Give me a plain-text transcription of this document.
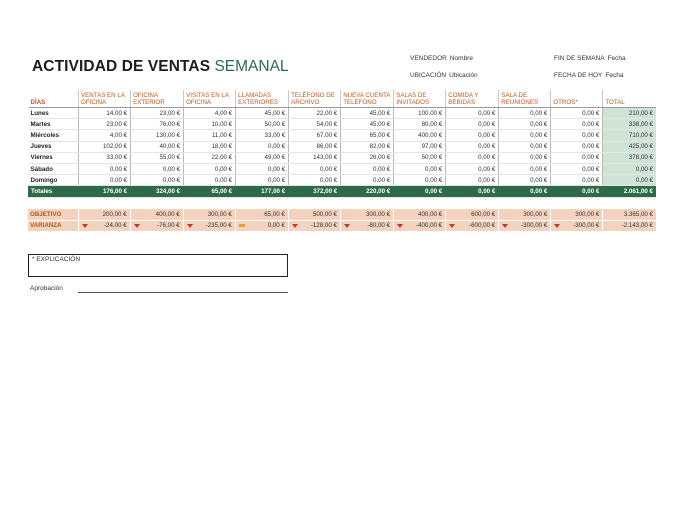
ACTIVIDAD DE VENTAS SEMANAL	VENDEDOR Nombre
UBICACIÓN Ubicación
FIN DE SEMANA Fecha
FECHA DE HOY Fecha
DÍAS	VENTAS EN LA OFICINA	OFICINA EXTERIOR	VISITAS EN LA OFICINA	LLAMADAS EXTERIORES	TELÉFONO DE ARCHIVO	NUEVA CUENTA TELÉFONO	SALAS DE INVITADOS	COMIDA Y BEBIDAS	SALA DE REUNIONES	OTROS*	TOTAL
Lunes	14,00 €	23,00 €	4,00 €	45,00 €	22,00 €	45,00 €	100,00 €	0,00 €	0,00 €	0,00 €	210,00 €
Martes	23,00 €	76,00 €	10,00 €	50,00 €	54,00 €	45,00 €	80,00 €	0,00 €	0,00 €	0,00 €	338,00 €
Miércoles	4,00 €	130,00 €	11,00 €	33,00 €	67,00 €	65,00 €	400,00 €	0,00 €	0,00 €	0,00 €	710,00 €
Jueves	102,00 €	40,00 €	18,00 €	0,00 €	86,00 €	82,00 €	97,00 €	0,00 €	0,00 €	0,00 €	425,00 €
Viernes	33,00 €	55,00 €	22,00 €	49,00 €	143,00 €	26,00 €	50,00 €	0,00 €	0,00 €	0,00 €	378,00 €
Sábado	0,00 €	0,00 €	0,00 €	0,00 €	0,00 €	0,00 €	0,00 €	0,00 €	0,00 €	0,00 €	0,00 €
Domingo	0,00 €	0,00 €	0,00 €	0,00 €	0,00 €	0,00 €	0,00 €	0,00 €	0,00 €	0,00 €	0,00 €
Totales	176,00 €	324,00 €	65,00 €	177,00 €	372,00 €	220,00 €	0,00 €	0,00 €	0,00 €	0,00 €	2.061,00 €
OBJETIVO	200,00 €	400,00 €	300,00 €	65,00 €	500,00 €	300,00 €	400,00 €	600,00 €	300,00 €	300,00 €	3.365,00 €
VARIANZA	-24,00 €	-76,00 €	-235,00 €	0,00 €	-128,00 €	-80,00 €	-400,00 €	-600,00 €	-300,00 €	-300,00 €	-2.143,00 €
* EXPLICACIÓN
Aprobación
